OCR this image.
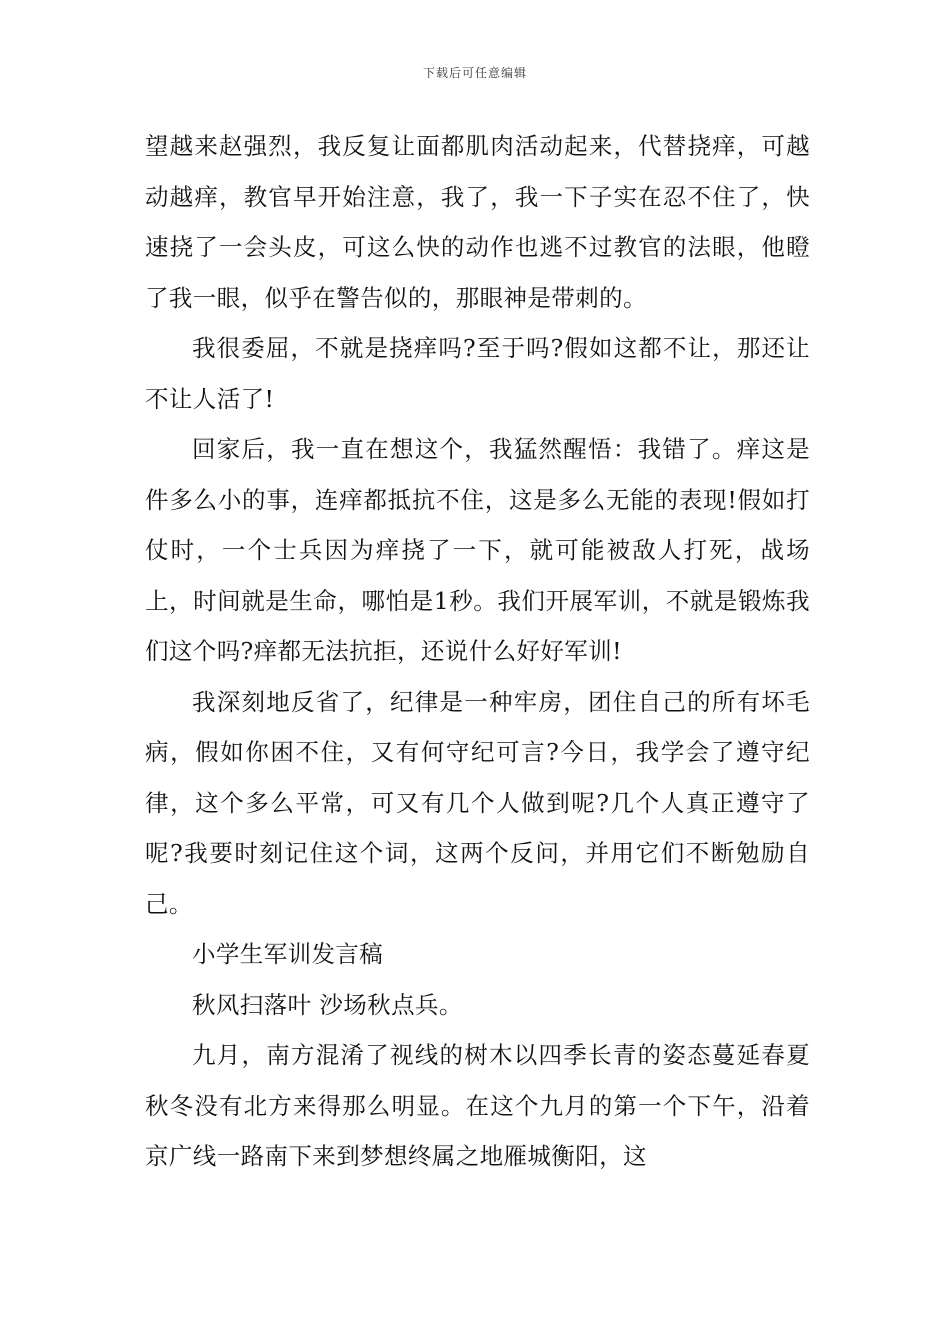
下载后可任意编辑

望越来赵强烈，我反复让面都肌肉活动起来，代替挠痒，可越动越痒，教官早开始注意，我了，我一下子实在忍不住了，快速挠了一会头皮，可这么快的动作也逃不过教官的法眼，他瞪了我一眼，似乎在警告似的，那眼神是带刺的。

我很委屈，不就是挠痒吗?至于吗?假如这都不让，那还让不让人活了!

回家后，我一直在想这个，我猛然醒悟：我错了。痒这是件多么小的事，连痒都抵抗不住，这是多么无能的表现!假如打仗时，一个士兵因为痒挠了一下，就可能被敌人打死，战场上，时间就是生命，哪怕是1秒。我们开展军训，不就是锻炼我们这个吗?痒都无法抗拒，还说什么好好军训!

我深刻地反省了，纪律是一种牢房，团住自己的所有坏毛病，假如你困不住，又有何守纪可言?今日，我学会了遵守纪律，这个多么平常，可又有几个人做到呢?几个人真正遵守了呢?我要时刻记住这个词，这两个反问，并用它们不断勉励自己。

小学生军训发言稿

秋风扫落叶 沙场秋点兵。

九月，南方混淆了视线的树木以四季长青的姿态蔓延春夏秋冬没有北方来得那么明显。在这个九月的第一个下午，沿着京广线一路南下来到梦想终属之地雁城衡阳，这
